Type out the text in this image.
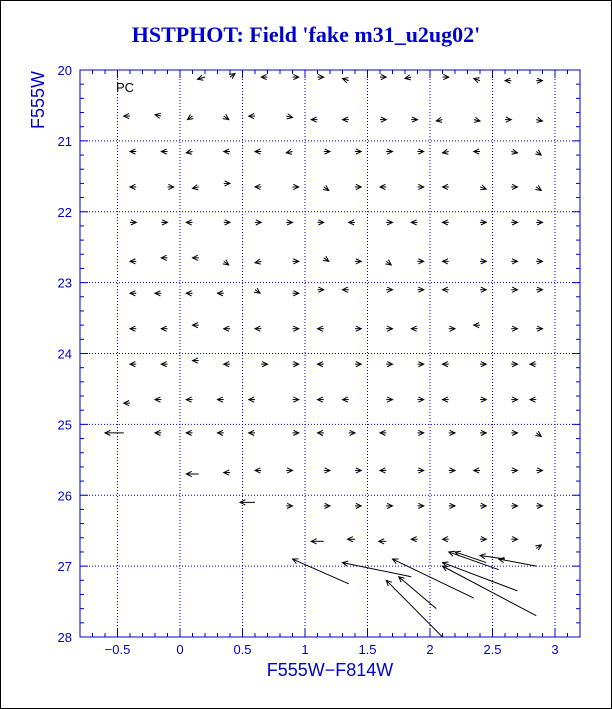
HSTPHOT: Field 'fake m31_u2ug02'
−0.5	0	0.5	1	1.5	2	2.5	3
20
21
22
23
24
25
26
27
28
PC
F555W−F814W
F555W
